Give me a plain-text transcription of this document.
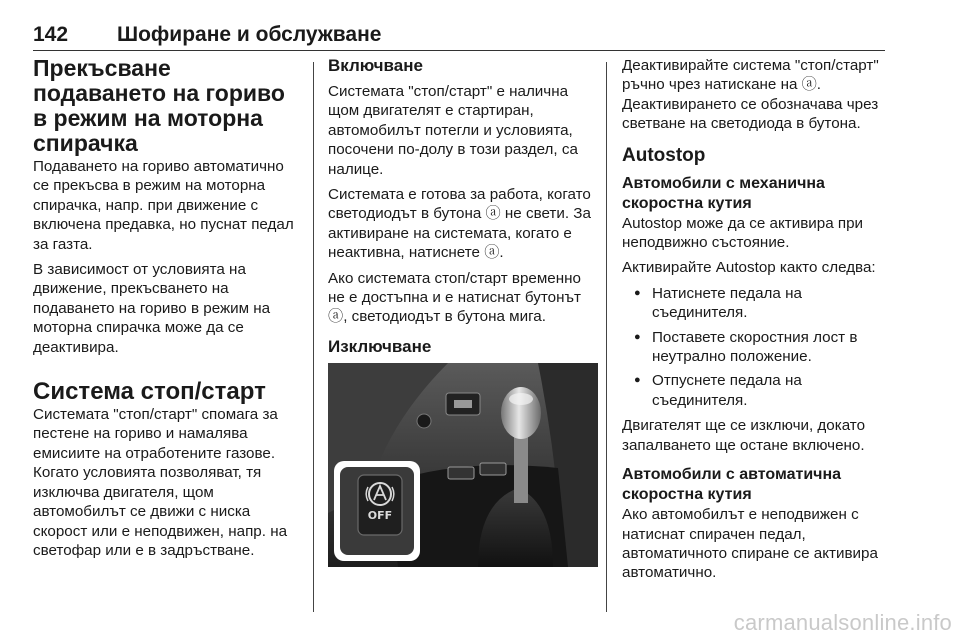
142 Шофиране и обслужване
Прекъсване подаването на гориво в режим на моторна спирачка
Подаването на гориво автоматично се прекъсва в режим на моторна спирачка, напр. при движение с включена предавка, но пуснат педал за газта.
В зависимост от условията на движение, прекъсването на подаването на гориво в режим на моторна спирачка може да се деактивира.
Система стоп/старт
Системата "стоп/старт" спомага за пестене на гориво и намалява емисиите на отработените газове. Когато условията позволяват, тя изключва двигателя, щом автомобилът се движи с ниска скорост или е неподвижен, напр. на светофар или е в задръстване.
Включване
Системата "стоп/старт" е налична щом двигателят е стартиран, автомобилът потегли и условията, посочени по-долу в този раздел, са налице.
Системата е готова за работа, когато светодиодът в бутона ⓐ не свети. За активиране на системата, когато е неактивна, натиснете ⓐ.
Ако системата стоп/старт временно не е достъпна и е натиснат бутонът ⓐ, светодиодът в бутона мига.
Изключване
OFF
Деактивирайте система "стоп/старт" ръчно чрез натискане на ⓐ. Деактивирането се обозначава чрез светване на светодиода в бутона.
Autostop
Автомобили с механична скоростна кутия
Autostop може да се активира при неподвижно състояние.
Активирайте Autostop както следва:
● Натиснете педала на съединителя.
● Поставете скоростния лост в неутрално положение.
● Отпуснете педала на съединителя.
Двигателят ще се изключи, докато запалването ще остане включено.
Автомобили с автоматична скоростна кутия
Ако автомобилът е неподвижен с натиснат спирачен педал, автоматичното спиране се активира автоматично.
carmanualsonline.info
